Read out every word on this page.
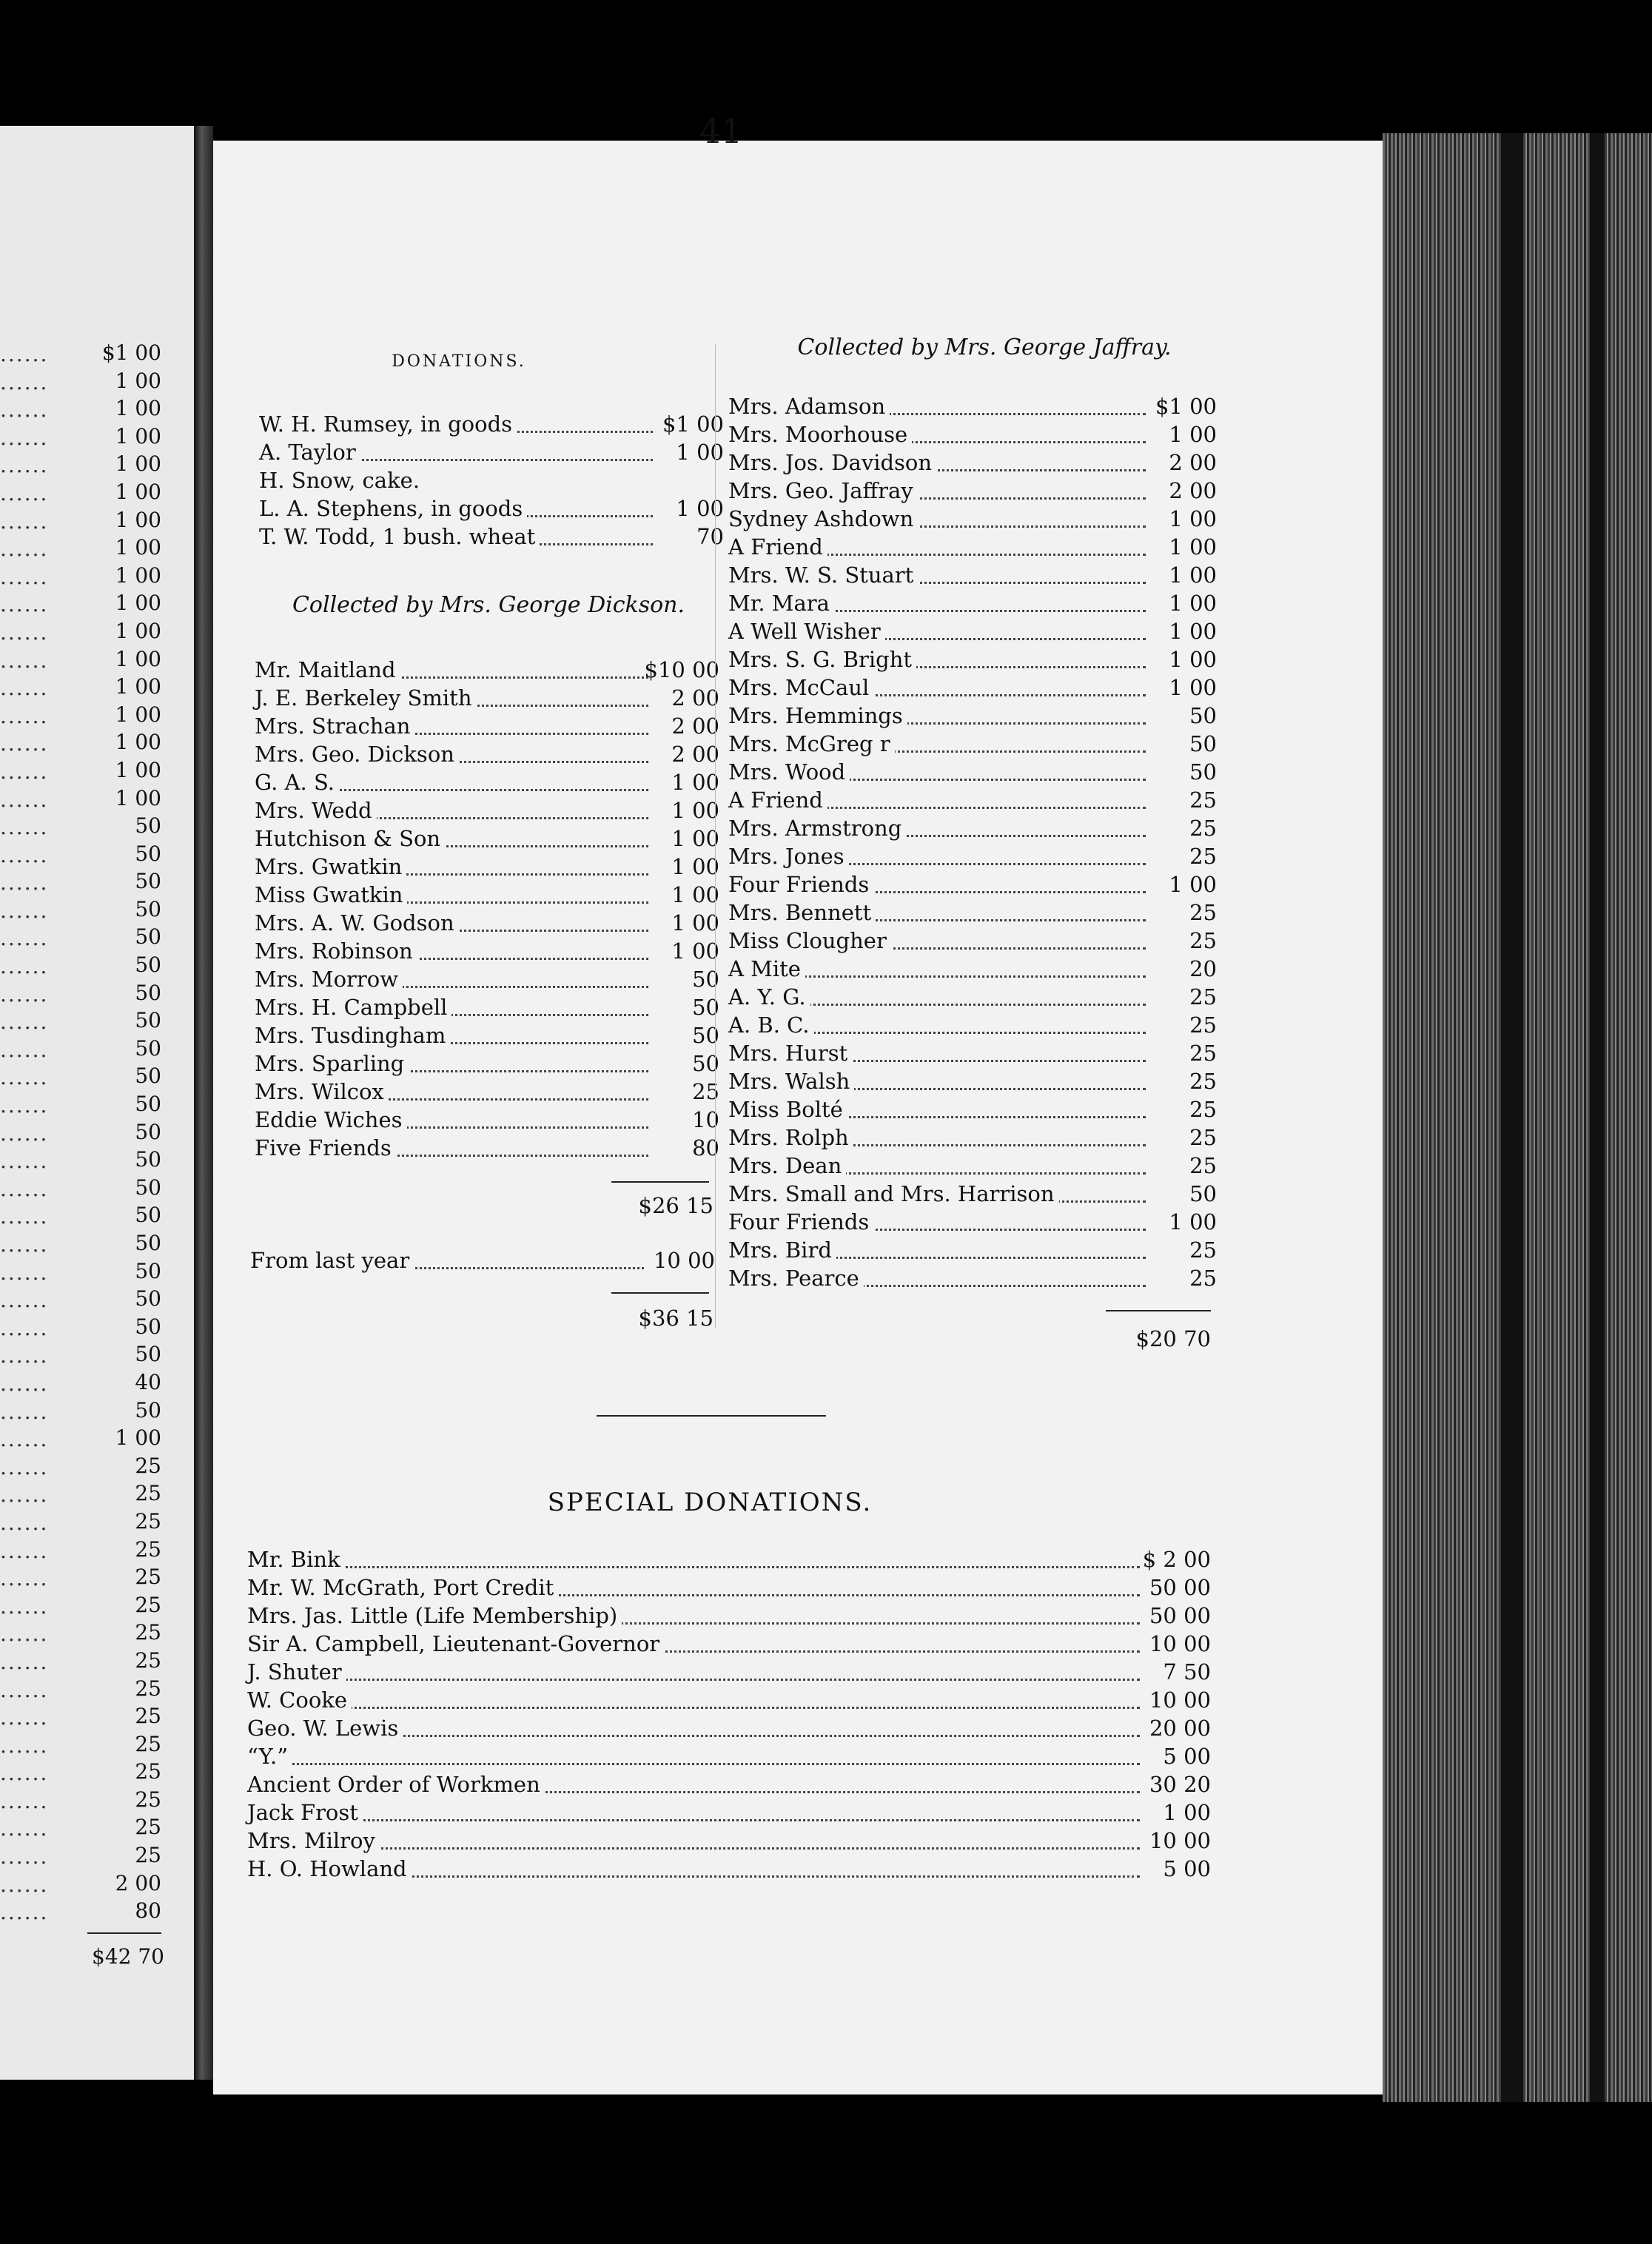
......	$1 00
......	1 00
......	1 00
......	1 00
......	1 00
......	1 00
......	1 00
......	1 00
......	1 00
......	1 00
......	1 00
......	1 00
......	1 00
......	1 00
......	1 00
......	1 00
......	1 00
......	50
......	50
......	50
......	50
......	50
......	50
......	50
......	50
......	50
......	50
......	50
......	50
......	50
......	50
......	50
......	50
......	50
......	50
......	50
......	50
......	40
......	50
......	1 00
......	25
......	25
......	25
......	25
......	25
......	25
......	25
......	25
......	25
......	25
......	25
......	25
......	25
......	25
......	25
......	2 00
......	80
$42 70
41
DONATIONS.
W. H. Rumsey, in goods	$1 00
A. Taylor	1 00
H. Snow, cake.
L. A. Stephens, in goods	1 00
T. W. Todd, 1 bush. wheat	70
Collected by Mrs. George Dickson.
Mr. Maitland	$10 00
J. E. Berkeley Smith	2 00
Mrs. Strachan	2 00
Mrs. Geo. Dickson	2 00
G. A. S.	1 00
Mrs. Wedd	1 00
Hutchison & Son	1 00
Mrs. Gwatkin	1 00
Miss Gwatkin	1 00
Mrs. A. W. Godson	1 00
Mrs. Robinson	1 00
Mrs. Morrow	50
Mrs. H. Campbell	50
Mrs. Tusdingham	50
Mrs. Sparling	50
Mrs. Wilcox	25
Eddie Wiches	10
Five Friends	80
$26 15
From last year	10 00
$36 15
Collected by Mrs. George Jaffray.
Mrs. Adamson	$1 00
Mrs. Moorhouse	1 00
Mrs. Jos. Davidson	2 00
Mrs. Geo. Jaffray	2 00
Sydney Ashdown	1 00
A Friend	1 00
Mrs. W. S. Stuart	1 00
Mr. Mara	1 00
A Well Wisher	1 00
Mrs. S. G. Bright	1 00
Mrs. McCaul	1 00
Mrs. Hemmings	50
Mrs. McGreg r	50
Mrs. Wood	50
A Friend	25
Mrs. Armstrong	25
Mrs. Jones	25
Four Friends	1 00
Mrs. Bennett	25
Miss Clougher	25
A Mite	20
A. Y. G.	25
A. B. C.	25
Mrs. Hurst	25
Mrs. Walsh	25
Miss Bolté	25
Mrs. Rolph	25
Mrs. Dean	25
Mrs. Small and Mrs. Harrison	50
Four Friends	1 00
Mrs. Bird	25
Mrs. Pearce	25
$20 70
SPECIAL DONATIONS.
Mr. Bink	$ 2 00
Mr. W. McGrath, Port Credit	50 00
Mrs. Jas. Little (Life Membership)	50 00
Sir A. Campbell, Lieutenant-Governor	10 00
J. Shuter	7 50
W. Cooke	10 00
Geo. W. Lewis	20 00
“Y.”	5 00
Ancient Order of Workmen	30 20
Jack Frost	1 00
Mrs. Milroy	10 00
H. O. Howland	5 00
